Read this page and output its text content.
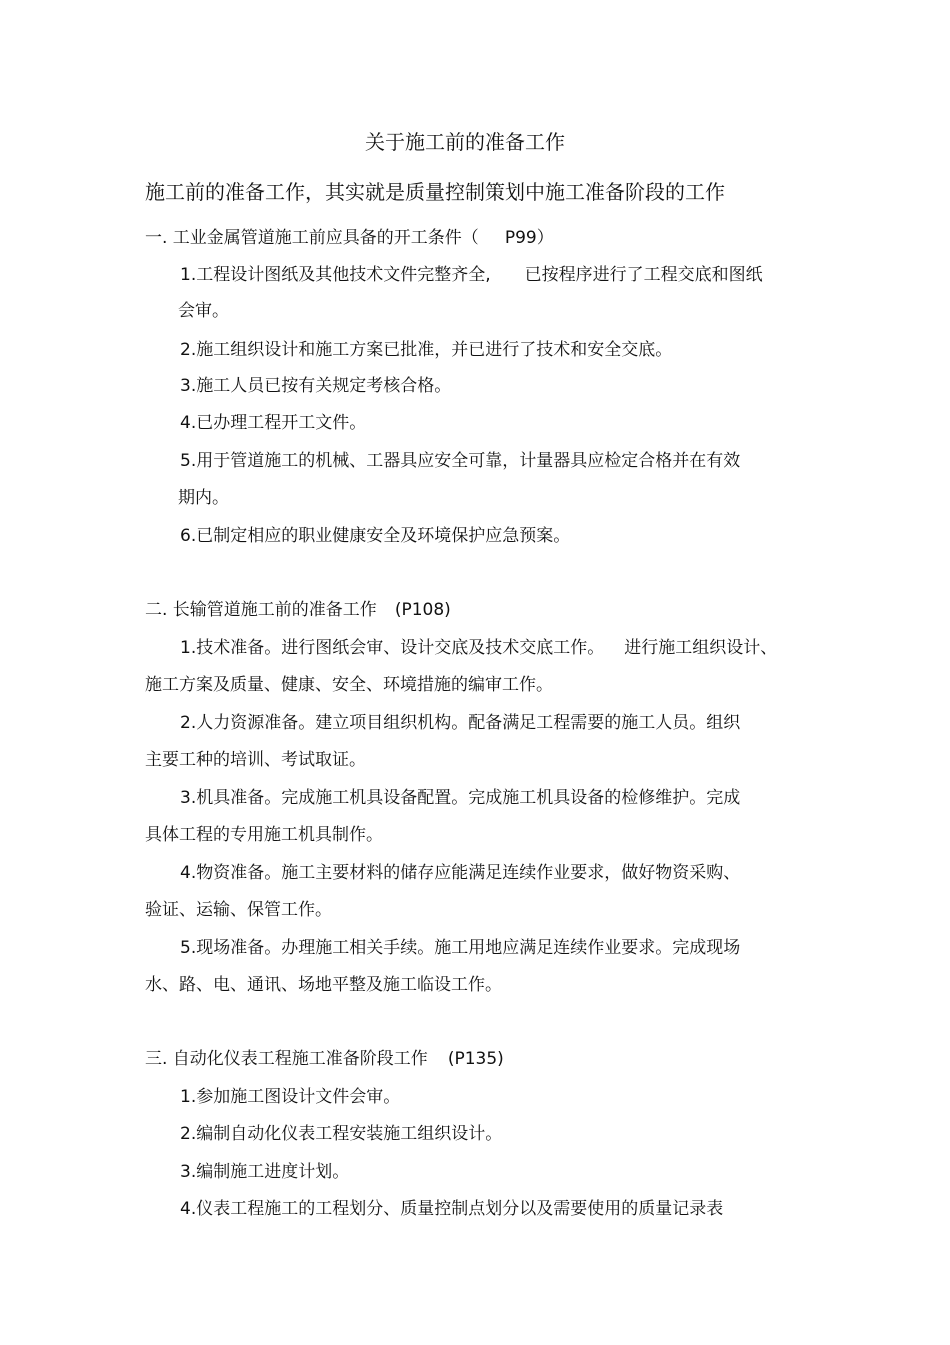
关于施工前的准备工作
施工前的准备工作，其实就是质量控制策划中施工准备阶段的工作
一. 工业金属管道施工前应具备的开工条件（ P99）
1.工程设计图纸及其他技术文件完整齐全, 已按程序进行了工程交底和图纸
会审。
2.施工组织设计和施工方案已批准，并已进行了技术和安全交底。
3.施工人员已按有关规定考核合格。
4.已办理工程开工文件。
5.用于管道施工的机械、工器具应安全可靠，计量器具应检定合格并在有效
期内。
6.已制定相应的职业健康安全及环境保护应急预案。
二. 长输管道施工前的准备工作 (P108)
1.技术准备。进行图纸会审、设计交底及技术交底工作。 进行施工组织设计、
施工方案及质量、健康、安全、环境措施的编审工作。
2.人力资源准备。建立项目组织机构。配备满足工程需要的施工人员。组织
主要工种的培训、考试取证。
3.机具准备。完成施工机具设备配置。完成施工机具设备的检修维护。完成
具体工程的专用施工机具制作。
4.物资准备。施工主要材料的储存应能满足连续作业要求，做好物资采购、
验证、运输、保管工作。
5.现场准备。办理施工相关手续。施工用地应满足连续作业要求。完成现场
水、路、电、通讯、场地平整及施工临设工作。
三. 自动化仪表工程施工准备阶段工作 (P135)
1.参加施工图设计文件会审。
2.编制自动化仪表工程安装施工组织设计。
3.编制施工进度计划。
4.仪表工程施工的工程划分、质量控制点划分以及需要使用的质量记录表
